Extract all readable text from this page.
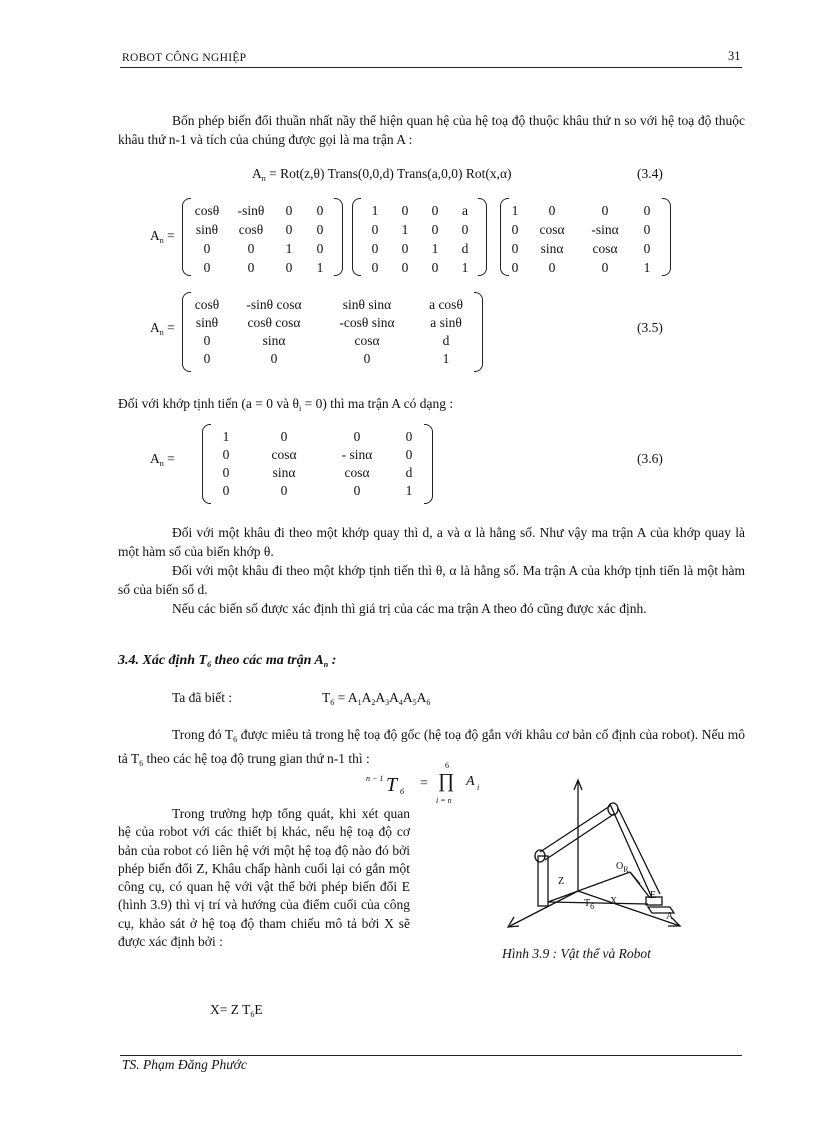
ROBOT CÔNG NGHIỆP	31
Bốn phép biến đổi thuần nhất nầy thể hiện quan hệ của hệ toạ độ thuộc khâu thứ n so với hệ toạ độ thuộc khâu thứ n-1 và tích của chúng được gọi là ma trận A :
$A_n = Rot(z,\theta)$ Trans(0,0,d) Trans(a,0,0) Rot(x,α)	(3.4)
$A_n$ =
cosθ	-sinθ	0	0
sinθ	cosθ	0	0
0	0	1	0
0	0	0	1
1	0	0	a
0	1	0	0
0	0	1	d
0	0	0	1
1	0	0	0
0	cosα	-sinα	0
0	sinα	cosα	0
0	0	0	1
$A_n$ =
cosθ	-sinθ cosα	sinθ sinα	a cosθ
sinθ	cosθ cosα	-cosθ sinα	a sinθ
0	sinα	cosα	d
0	0	0	1
(3.5)
Đối với khớp tịnh tiến (a = 0 và $\theta_i = 0$) thì ma trận A có dạng :
$A_n$ =
1	0	0	0
0	cosα	- sinα	0
0	sinα	cosα	d
0	0	0	1
(3.6)
Đối với một khâu đi theo một khớp quay thì d, a và α là hằng số. Như vậy ma trận A của khớp quay là một hàm số của biến khớp θ.
Đối với một khâu đi theo một khớp tịnh tiến thì θ, α là hằng số. Ma trận A của khớp tịnh tiến là một hàm số của biến số d.
Nếu các biến số được xác định thì giá trị của các ma trận A theo đó cũng được xác định.
3.4. Xác định $T_6$ theo các ma trận $A_n$ :
Ta đã biết :	$T_6 = A_1A_2A_3A_4A_5A_6$
Trong đó $T_6$ được miêu tả trong hệ toạ độ gốc (hệ toạ độ gắn với khâu cơ bản cố định của robot). Nếu mô tả $T_6$ theo các hệ toạ độ trung gian thứ n-1 thì :
n − 1 T 6
=
6
∏
i = n
A i
Trong trường hợp tổng quát, khi xét quan hệ của robot với các thiết bị khác, nếu hệ toạ độ cơ bản của robot có liên hệ với một hệ toạ độ nào đó bởi phép biến đổi Z, Khâu chấp hành cuối lại có gắn một công cụ, có quan hệ với vật thể bởi phép biến đổi E (hình 3.9) thì vị trí và hướng của điểm cuối của công cụ, khảo sát ở hệ toạ độ tham chiếu mô tả bởi X sẽ được xác định bởi :
X= Z $T_6E$
$O_R$
Z
$T_6$ X
E
A
Hình 3.9 : Vật thể và Robot
TS. Phạm Đăng Phước
